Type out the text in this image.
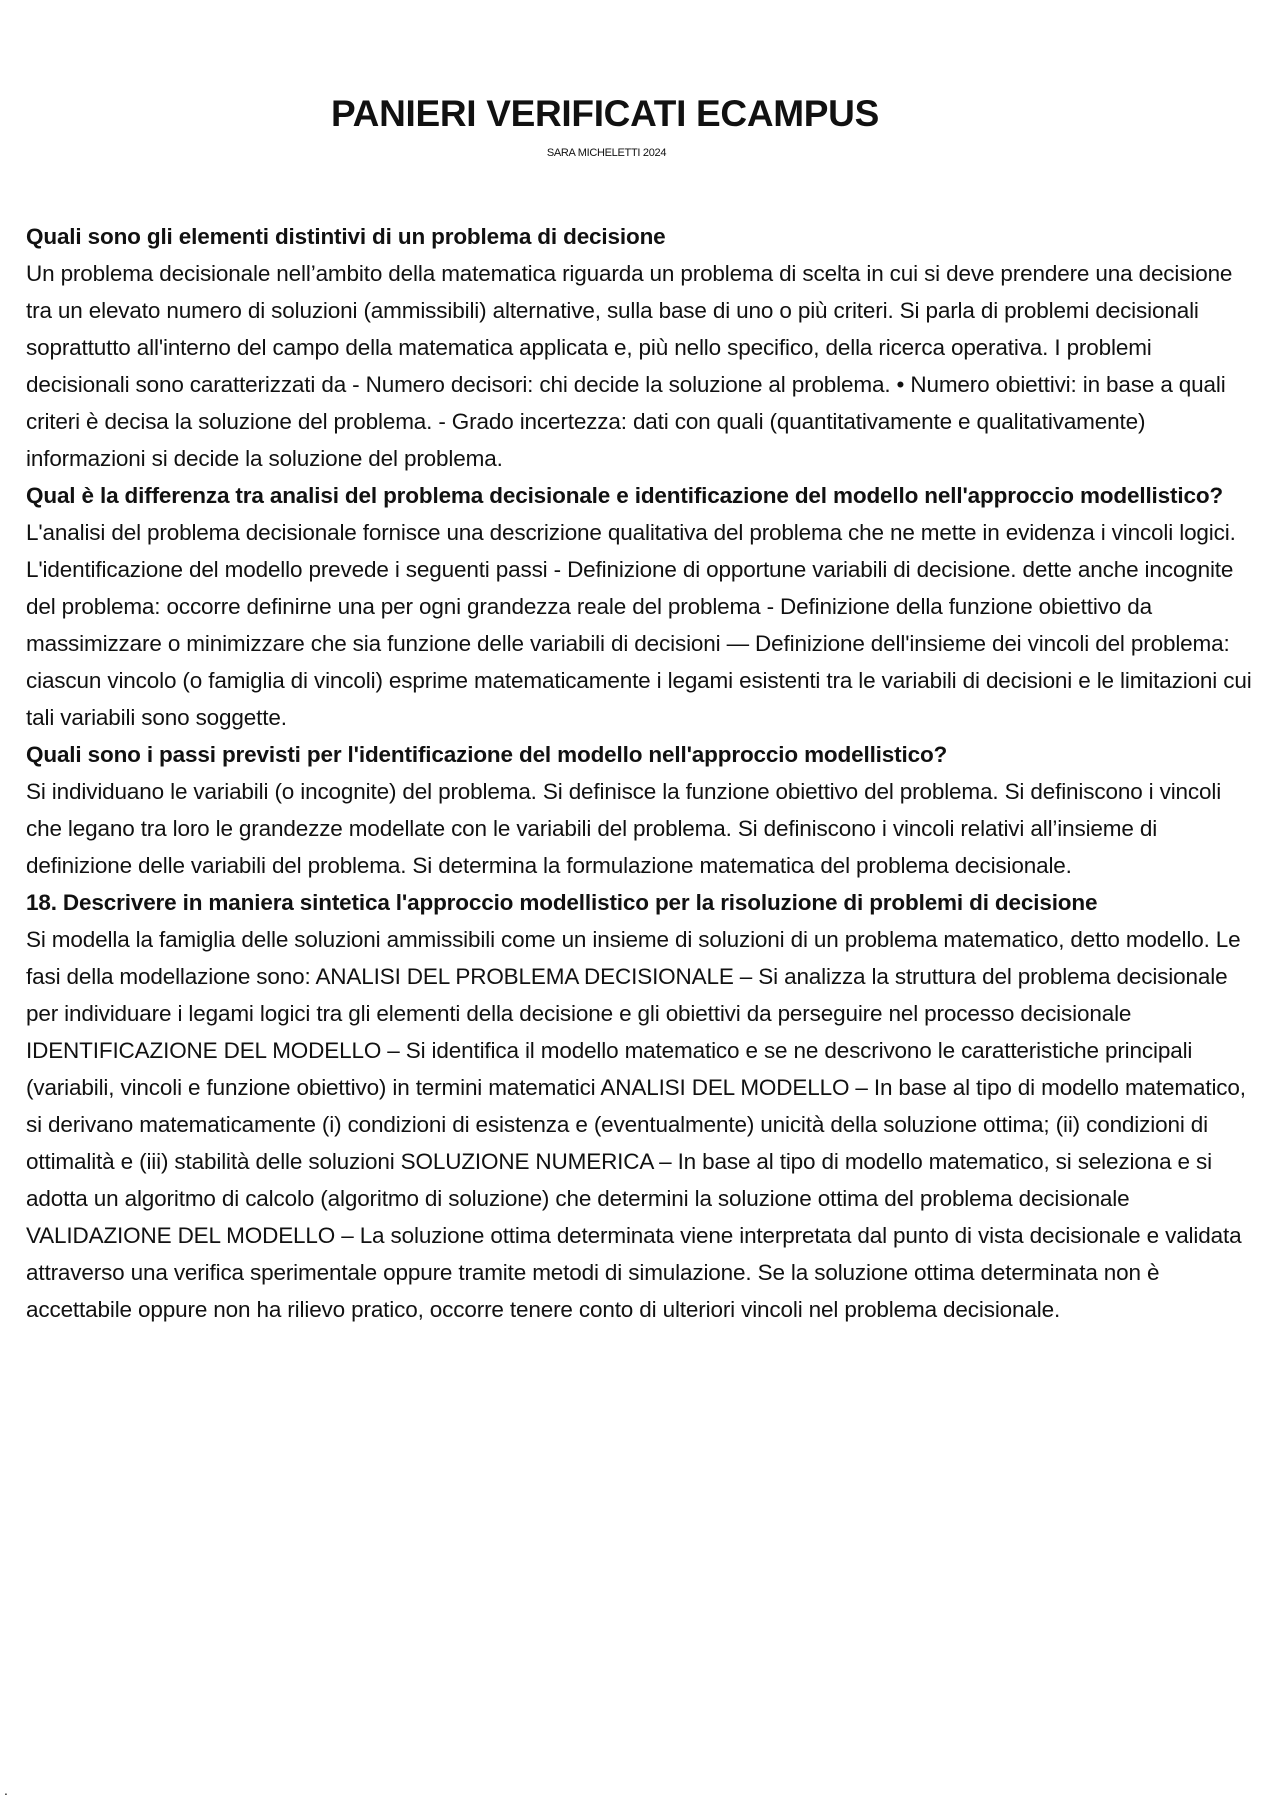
PANIERI VERIFICATI ECAMPUS
SARA MICHELETTI 2024

Quali sono gli elementi distintivi di un problema di decisione

Un problema decisionale nell’ambito della matematica riguarda un problema di scelta in cui si deve prendere una decisione tra un elevato numero di soluzioni (ammissibili) alternative, sulla base di uno o più criteri. Si parla di problemi decisionali soprattutto all'interno del campo della matematica applicata e, più nello specifico, della ricerca operativa. I problemi decisionali sono caratterizzati da - Numero decisori: chi decide la soluzione al problema. • Numero obiettivi: in base a quali criteri è decisa la soluzione del problema. - Grado incertezza: dati con quali (quantitativamente e qualitativamente) informazioni si decide la soluzione del problema.

Qual è la differenza tra analisi del problema decisionale e identificazione del modello nell'approccio modellistico?

L'analisi del problema decisionale fornisce una descrizione qualitativa del problema che ne mette in evidenza i vincoli logici. L'identificazione del modello prevede i seguenti passi - Definizione di opportune variabili di decisione. dette anche incognite del problema: occorre definirne una per ogni grandezza reale del problema - Definizione della funzione obiettivo da massimizzare o minimizzare che sia funzione delle variabili di decisioni — Definizione dell'insieme dei vincoli del problema: ciascun vincolo (o famiglia di vincoli) esprime matematicamente i legami esistenti tra le variabili di decisioni e le limitazioni cui tali variabili sono soggette.

Quali sono i passi previsti per l'identificazione del modello nell'approccio modellistico?

Si individuano le variabili (o incognite) del problema. Si definisce la funzione obiettivo del problema. Si definiscono i vincoli che legano tra loro le grandezze modellate con le variabili del problema. Si definiscono i vincoli relativi all’insieme di definizione delle variabili del problema. Si determina la formulazione matematica del problema decisionale.

18. Descrivere in maniera sintetica l'approccio modellistico per la risoluzione di problemi di decisione

Si modella la famiglia delle soluzioni ammissibili come un insieme di soluzioni di un problema matematico, detto modello. Le fasi della modellazione sono: ANALISI DEL PROBLEMA DECISIONALE – Si analizza la struttura del problema decisionale per individuare i legami logici tra gli elementi della decisione e gli obiettivi da perseguire nel processo decisionale IDENTIFICAZIONE DEL MODELLO – Si identifica il modello matematico e se ne descrivono le caratteristiche principali (variabili, vincoli e funzione obiettivo) in termini matematici ANALISI DEL MODELLO – In base al tipo di modello matematico, si derivano matematicamente (i) condizioni di esistenza e (eventualmente) unicità della soluzione ottima; (ii) condizioni di ottimalità e (iii) stabilità delle soluzioni SOLUZIONE NUMERICA – In base al tipo di modello matematico, si seleziona e si adotta un algoritmo di calcolo (algoritmo di soluzione) che determini la soluzione ottima del problema decisionale VALIDAZIONE DEL MODELLO – La soluzione ottima determinata viene interpretata dal punto di vista decisionale e validata attraverso una verifica sperimentale oppure tramite metodi di simulazione. Se la soluzione ottima determinata non è accettabile oppure non ha rilievo pratico, occorre tenere conto di ulteriori vincoli nel problema decisionale.

.
